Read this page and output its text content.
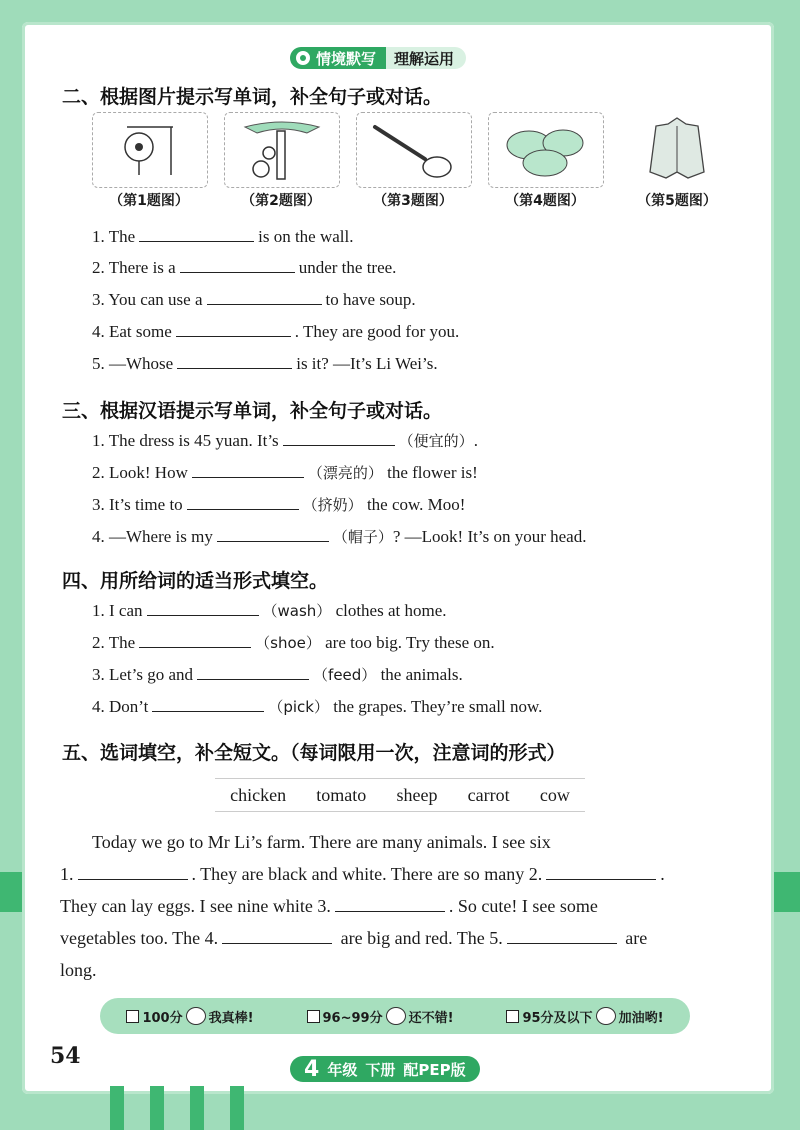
情境默写	理解运用
二、根据图片提示写单词，补全句子或对话。
（第1题图）	（第2题图）	（第3题图）	（第4题图）	（第5题图）
1. The	is on the wall.
2. There is a	under the tree.
3. You can use a	to have soup.
4. Eat some	. They are good for you.
5. —Whose	is it? —It’s Li Wei’s.
三、根据汉语提示写单词，补全句子或对话。
1. The dress is 45 yuan. It’s	（便宜的）.
2. Look! How	（漂亮的） the flower is!
3. It’s time to	（挤奶） the cow. Moo!
4. —Where is my	（帽子）? —Look! It’s on your head.
四、用所给词的适当形式填空。
1. I can	（wash） clothes at home.
2. The	（shoe） are too big. Try these on.
3. Let’s go and	（feed） the animals.
4. Don’t	（pick） the grapes. They’re small now.
五、选词填空，补全短文。（每词限用一次，注意词的形式）
chicken tomato sheep carrot cow
Today we go to Mr Li’s farm. There are many animals. I see six
1.	. They are black and white. There are so many 2.	.
They can lay eggs. I see nine white 3.	. So cute! I see some
vegetables too. The 4.	are big and red. The 5.	are
long.
100分 我真棒!	96~99分 还不错!	95分及以下 加油哟!
54	4 年级 下册 配PEP版
